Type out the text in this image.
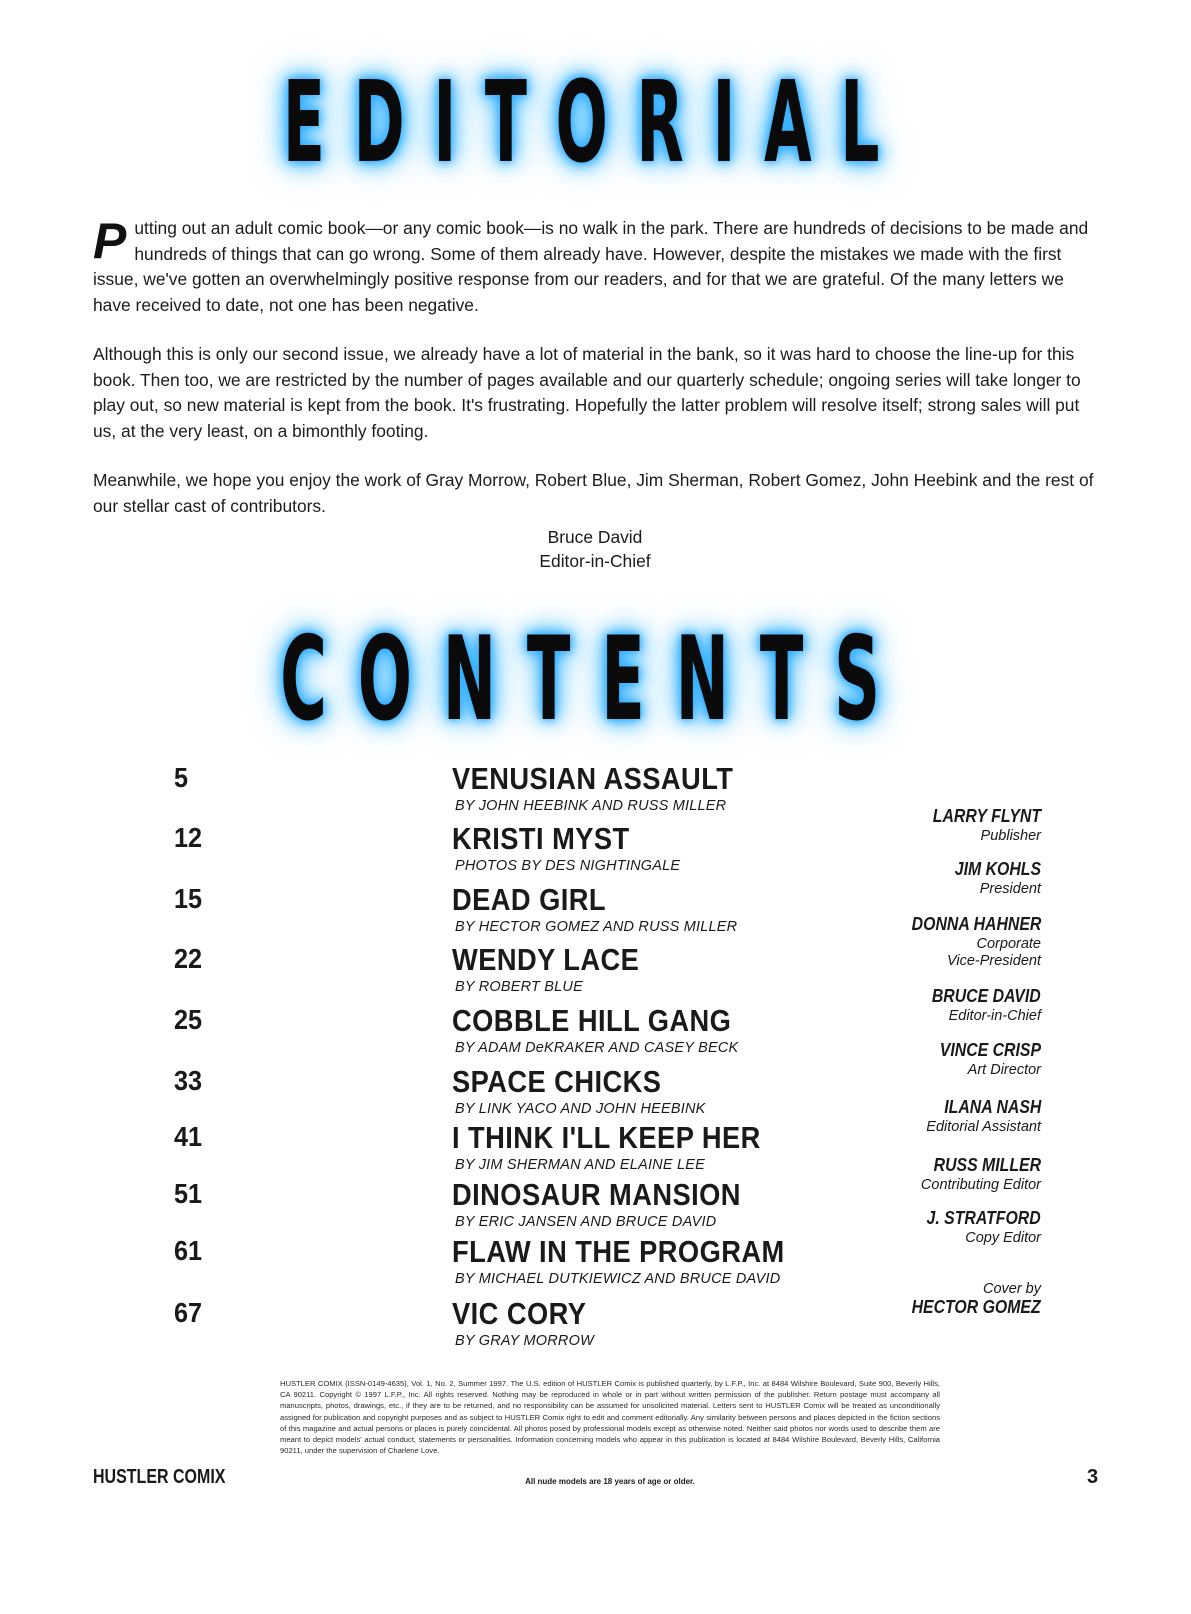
EDITORIAL

Putting out an adult comic book—or any comic book—is no walk in the park. There are hundreds of decisions to be made and hundreds of things that can go wrong. Some of them already have. However, despite the mistakes we made with the first issue, we've gotten an overwhelmingly positive response from our readers, and for that we are grateful. Of the many letters we have received to date, not one has been negative.

Although this is only our second issue, we already have a lot of material in the bank, so it was hard to choose the line-up for this book. Then too, we are restricted by the number of pages available and our quarterly schedule; ongoing series will take longer to play out, so new material is kept from the book. It's frustrating. Hopefully the latter problem will resolve itself; strong sales will put us, at the very least, on a bimonthly footing.

Meanwhile, we hope you enjoy the work of Gray Morrow, Robert Blue, Jim Sherman, Robert Gomez, John Heebink and the rest of our stellar cast of contributors.

Bruce David
Editor-in-Chief
CONTENTS
5	VENUSIAN ASSAULT
BY JOHN HEEBINK AND RUSS MILLER
12	KRISTI MYST
PHOTOS BY DES NIGHTINGALE
15	DEAD GIRL
BY HECTOR GOMEZ AND RUSS MILLER
22	WENDY LACE
BY ROBERT BLUE
25	COBBLE HILL GANG
BY ADAM DeKRAKER AND CASEY BECK
33	SPACE CHICKS
BY LINK YACO AND JOHN HEEBINK
41	I THINK I'LL KEEP HER
BY JIM SHERMAN AND ELAINE LEE
51	DINOSAUR MANSION
BY ERIC JANSEN AND BRUCE DAVID
61	FLAW IN THE PROGRAM
BY MICHAEL DUTKIEWICZ AND BRUCE DAVID
67	VIC CORY
BY GRAY MORROW
LARRY FLYNT
Publisher
JIM KOHLS
President
DONNA HAHNER
Corporate
Vice-President
BRUCE DAVID
Editor-in-Chief
VINCE CRISP
Art Director
ILANA NASH
Editorial Assistant
RUSS MILLER
Contributing Editor
J. STRATFORD
Copy Editor
Cover by
HECTOR GOMEZ
HUSTLER COMIX (ISSN-0149-4635), Vol. 1, No. 2, Summer 1997. The U.S. edition of HUSTLER Comix is published quarterly, by L.F.P., Inc. at 8484 Wilshire Boulevard, Suite 900, Beverly Hills, CA 90211. Copyright © 1997 L.F.P., Inc. All rights reserved. Nothing may be reproduced in whole or in part without written permission of the publisher. Return postage must accompany all manuscripts, photos, drawings, etc., if they are to be returned, and no responsibility can be assumed for unsolicited material. Letters sent to HUSTLER Comix will be treated as unconditionally assigned for publication and copyright purposes and as subject to HUSTLER Comix right to edit and comment editorially. Any similarity between persons and places depicted in the fiction sections of this magazine and actual persons or places is purely coincidental. All photos posed by professional models except as otherwise noted. Neither said photos nor words used to describe them are meant to depict models' actual conduct, statements or personalities. Information concerning models who appear in this publication is located at 8484 Wilshire Boulevard, Beverly Hills, California 90211, under the supervision of Charlene Love.
All nude models are 18 years of age or older.
HUSTLER COMIX	3
